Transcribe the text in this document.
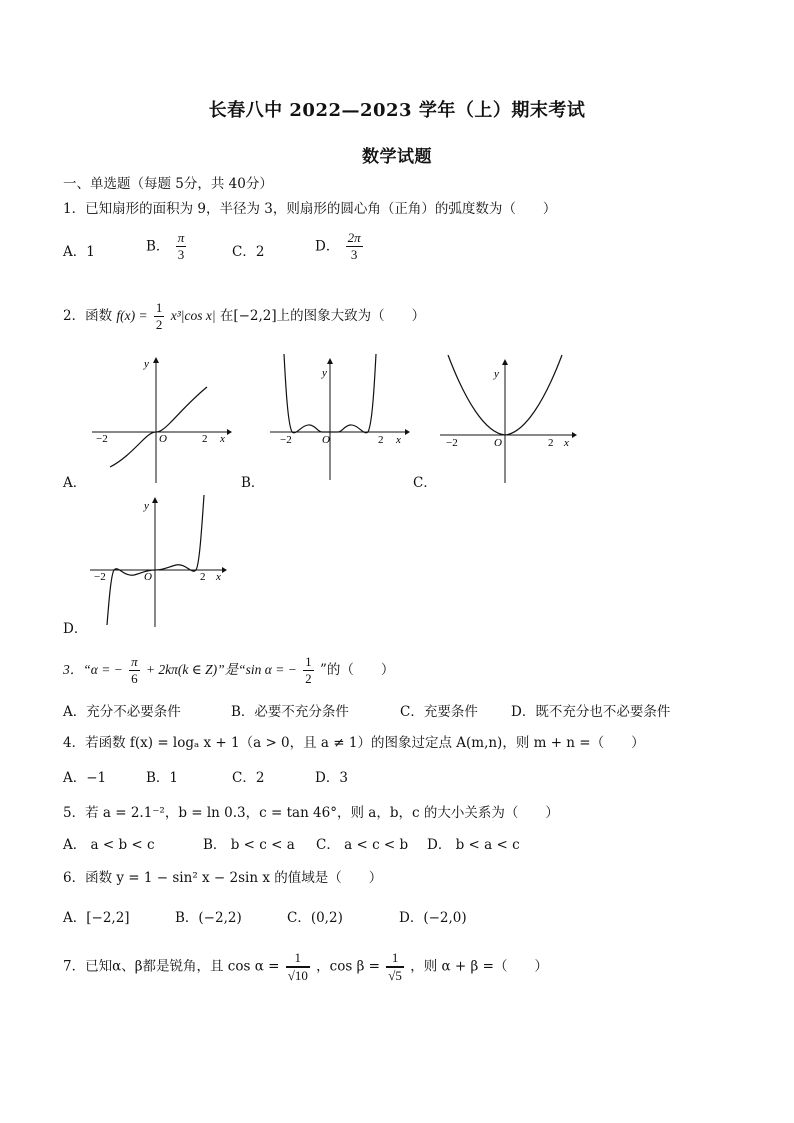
长春八中 2022—2023 学年（上）期末考试
数学试题
一、单选题（每题 5分，共 40分）
1．已知扇形的面积为 9，半径为 3，则扇形的圆心角（正角）的弧度数为（　　）
A．1	B． $\frac{\pi}{3}$	C．2	D． $\frac{2\pi}{3}$
2．函数 $f(x) = \frac{1}{2} x^3|\cos$ x| 在[−2,2]上的图象大致为（　　）
y
x
O
−2	2
A．
y
x
O
−2	2
B．
y
x
O
−2	2
C．
y
x
O
−2	2
D．
3．“α = − $\frac{\pi}{6} + 2k\pi(k$ ∈ Z)”是“sin α = − $\frac{1}{2}$ ”的（　　）
A．充分不必要条件	B．必要不充分条件	C．充要条件 D．既不充分也不必要条件
4．若函数 f(x) = logₐ x + 1（a > 0，且 a ≠ 1）的图象过定点 A(m,n)，则 m + n =（　　）
A．−1	B．1	C．2	D．3
5．若 a = 2.1⁻²，b = ln 0.3，c = tan 46°，则 a，b，c 的大小关系为（　　）
A． a < b < c	B． b < c < a C． a < c < b D． b < a < c
6．函数 y = 1 − sin² x − 2sin x 的值域是（　　）
A．[−2,2]	B．(−2,2)	C．(0,2)	D．(−2,0)
7．已知α、β都是锐角，且 $\cos \alpha = \frac{1}{√10}$ ，$\cos \beta = \frac{1}{√5}$ ，则 α + β =（　　）
